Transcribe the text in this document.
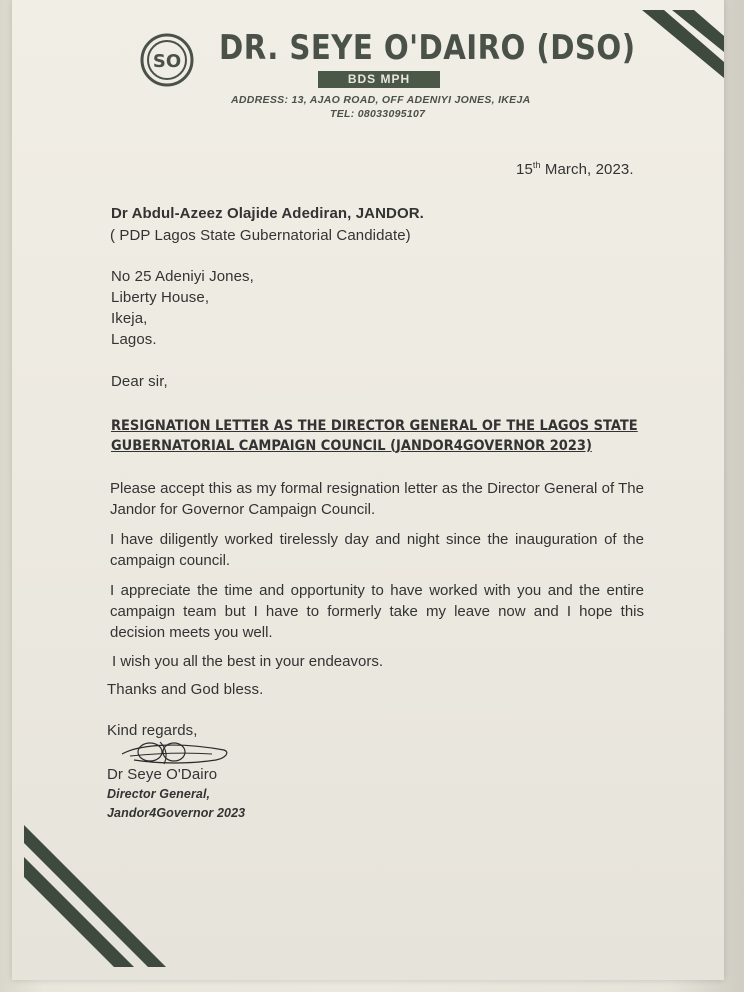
SO DR. SEYE O'DAIRO (DSO)
BDS MPH
ADDRESS: 13, AJAO ROAD, OFF ADENIYI JONES, IKEJA
TEL: 08033095107
15th March, 2023.
Dr Abdul-Azeez Olajide Adediran, JANDOR.
( PDP Lagos State Gubernatorial Candidate)
No 25 Adeniyi Jones,
Liberty House,
Ikeja,
Lagos.
Dear sir,
RESIGNATION LETTER AS THE DIRECTOR GENERAL OF THE LAGOS STATE
GUBERNATORIAL CAMPAIGN COUNCIL (JANDOR4GOVERNOR 2023)
Please accept this as my formal resignation letter as the Director General of The Jandor for Governor Campaign Council.
I have diligently worked tirelessly day and night since the inauguration of the campaign council.
I appreciate the time and opportunity to have worked with you and the entire campaign team but I have to formerly take my leave now and I hope this decision meets you well.
I wish you all the best in your endeavors.
Thanks and God bless.
Kind regards,
Dr Seye O'Dairo
Director General,
Jandor4Governor 2023
